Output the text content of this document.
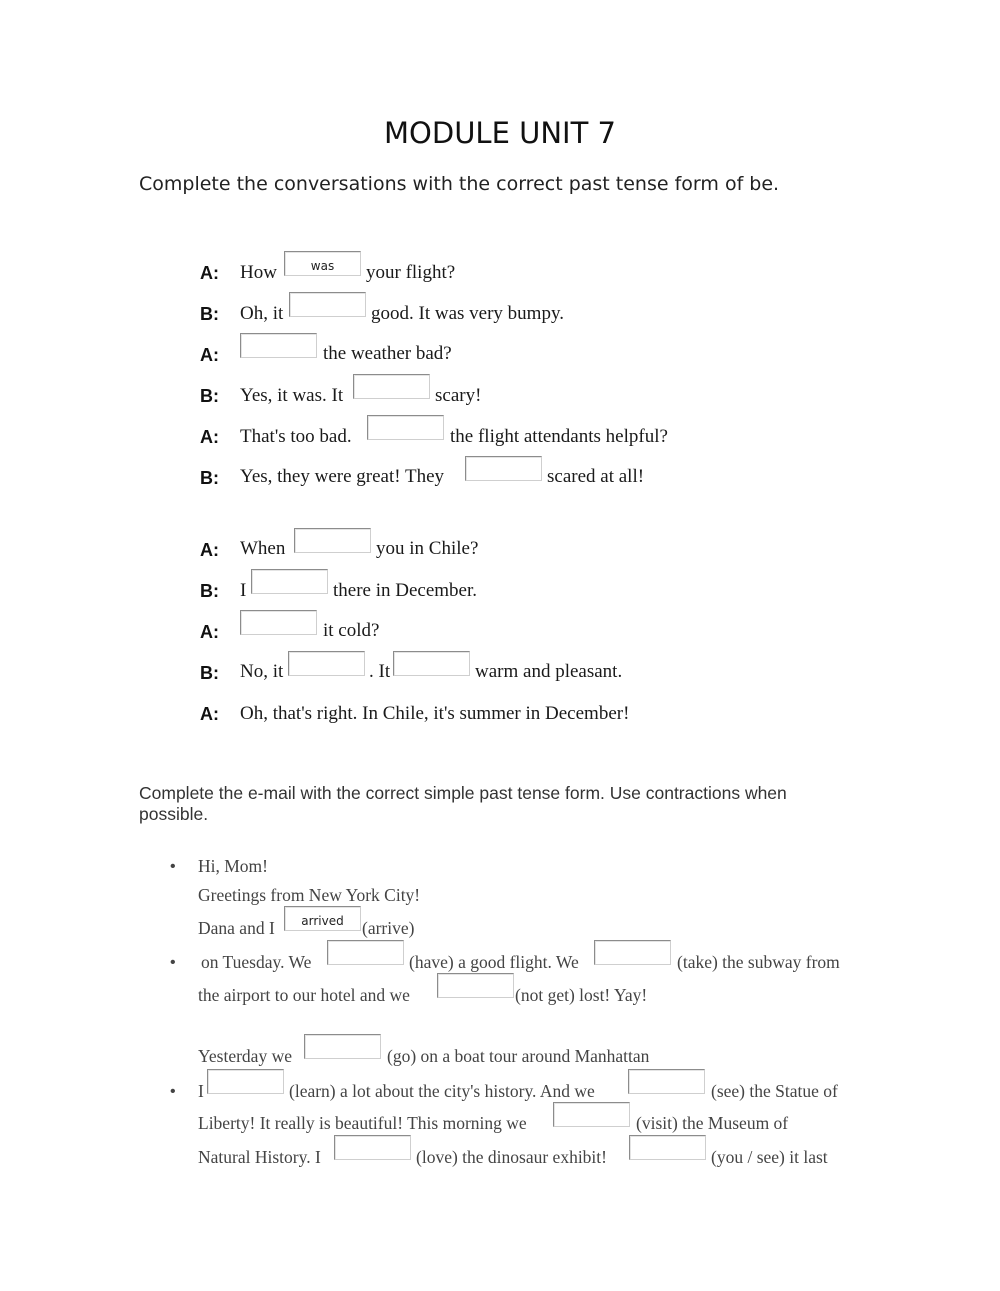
MODULE UNIT 7
Complete the conversations with the correct past tense form of be.
A: How
was	your flight?
B: Oh, it	good. It was very bumpy.
A:	the weather bad?
B: Yes, it was. It	scary!
A: That's too bad.	the flight attendants helpful?
B: Yes, they were great! They	scared at all!
A: When	you in Chile?
B: I	there in December.
A:	it cold?
B: No, it	. It	warm and pleasant.
A: Oh, that's right. In Chile, it's summer in December!
Complete the e-mail with the correct simple past tense form. Use contractions when possible.
• Hi, Mom!
Greetings from New York City!
Dana and I
arrived	(arrive)
• on Tuesday. We	(have) a good flight. We	(take) the subway from
the airport to our hotel and we	(not get) lost! Yay!
Yesterday we	(go) on a boat tour around Manhattan
• I	(learn) a lot about the city's history. And we	(see) the Statue of
Liberty! It really is beautiful! This morning we	(visit) the Museum of
Natural History. I	(love) the dinosaur exhibit!	(you / see) it last
